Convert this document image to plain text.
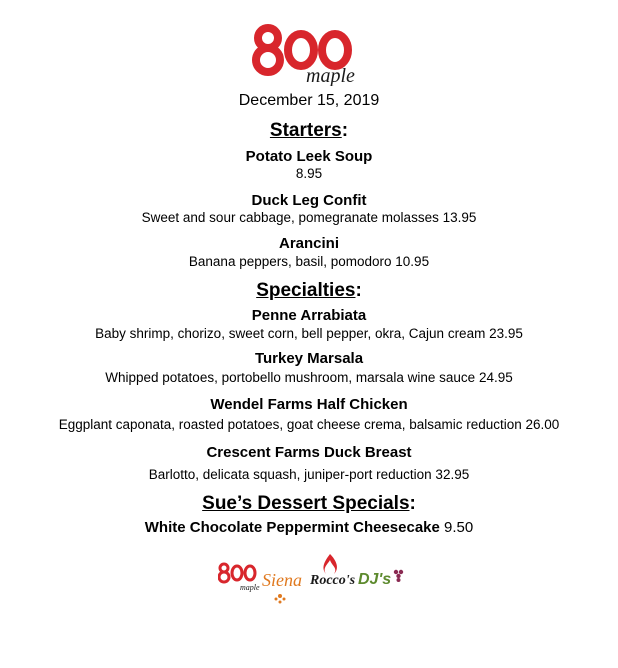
maple
December 15, 2019
Starters:
Potato Leek Soup
8.95
Duck Leg Confit
Sweet and sour cabbage, pomegranate molasses 13.95
Arancini
Banana peppers, basil, pomodoro 10.95
Specialties:
Penne Arrabiata
Baby shrimp, chorizo, sweet corn, bell pepper, okra, Cajun cream 23.95
Turkey Marsala
Whipped potatoes, portobello mushroom, marsala wine sauce 24.95
Wendel Farms Half Chicken
Eggplant caponata, roasted potatoes, goat cheese crema, balsamic reduction 26.00
Crescent Farms Duck Breast
Barlotto, delicata squash, juniper-port reduction 32.95
Sue’s Dessert Specials:
White Chocolate Peppermint Cheesecake 9.50
maple Siena Rocco's DJ's
